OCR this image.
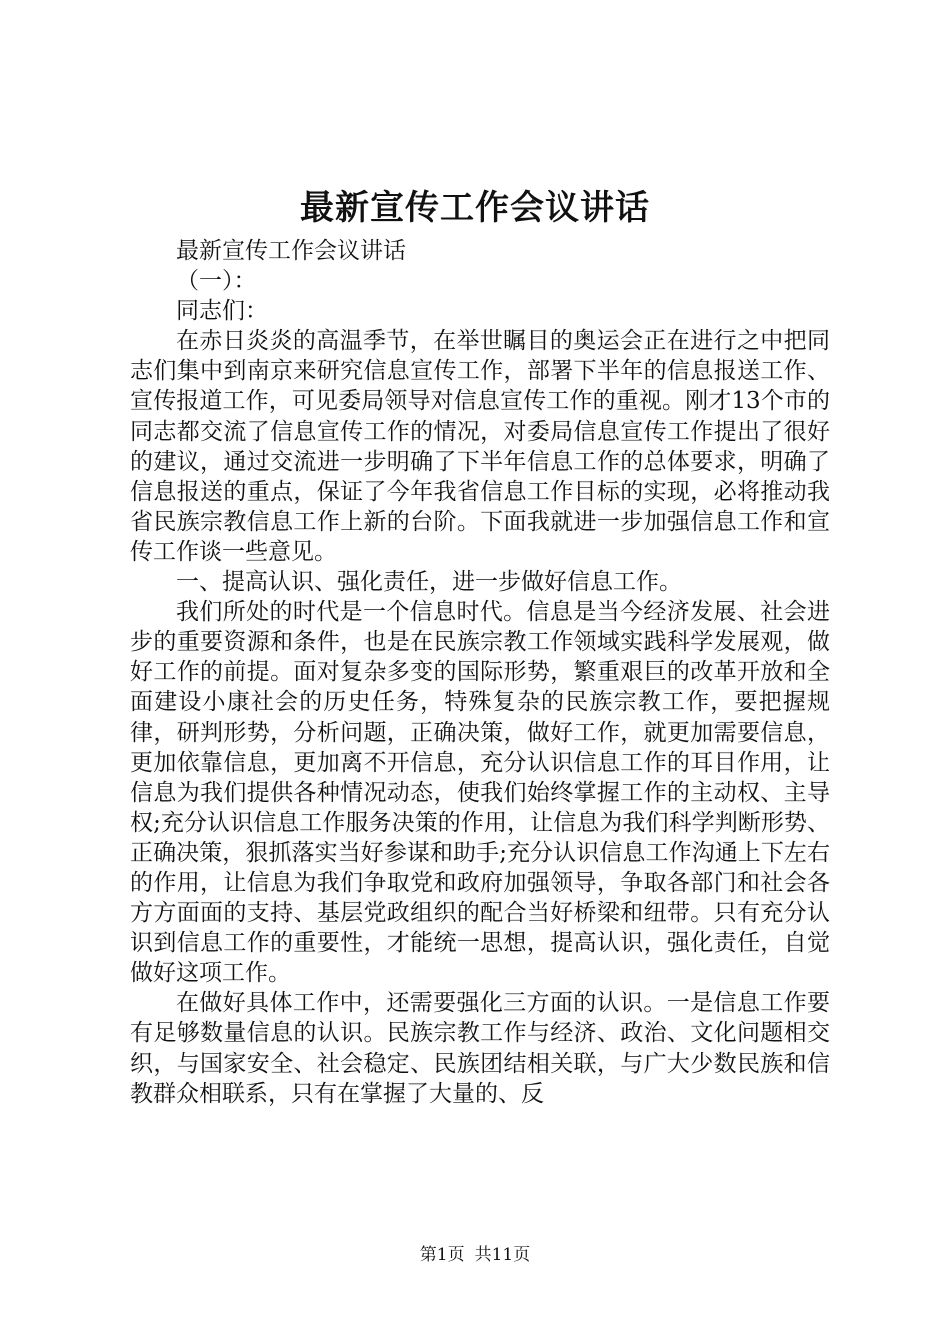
最新宣传工作会议讲话

最新宣传工作会议讲话

（一）：

同志们：

在赤日炎炎的高温季节，在举世瞩目的奥运会正在进行之中把同志们集中到南京来研究信息宣传工作，部署下半年的信息报送工作、宣传报道工作，可见委局领导对信息宣传工作的重视。刚才13个市的同志都交流了信息宣传工作的情况，对委局信息宣传工作提出了很好的建议，通过交流进一步明确了下半年信息工作的总体要求，明确了信息报送的重点，保证了今年我省信息工作目标的实现，必将推动我省民族宗教信息工作上新的台阶。下面我就进一步加强信息工作和宣传工作谈一些意见。

一、提高认识、强化责任，进一步做好信息工作。

我们所处的时代是一个信息时代。信息是当今经济发展、社会进步的重要资源和条件，也是在民族宗教工作领域实践科学发展观，做好工作的前提。面对复杂多变的国际形势，繁重艰巨的改革开放和全面建设小康社会的历史任务，特殊复杂的民族宗教工作，要把握规律，研判形势，分析问题，正确决策，做好工作，就更加需要信息，更加依靠信息，更加离不开信息，充分认识信息工作的耳目作用，让信息为我们提供各种情况动态，使我们始终掌握工作的主动权、主导权;充分认识信息工作服务决策的作用，让信息为我们科学判断形势、正确决策，狠抓落实当好参谋和助手;充分认识信息工作沟通上下左右的作用，让信息为我们争取党和政府加强领导，争取各部门和社会各方方面面的支持、基层党政组织的配合当好桥梁和纽带。只有充分认识到信息工作的重要性，才能统一思想，提高认识，强化责任，自觉做好这项工作。

在做好具体工作中，还需要强化三方面的认识。一是信息工作要有足够数量信息的认识。民族宗教工作与经济、政治、文化问题相交织，与国家安全、社会稳定、民族团结相关联，与广大少数民族和信教群众相联系，只有在掌握了大量的、反

第1页 共11页
